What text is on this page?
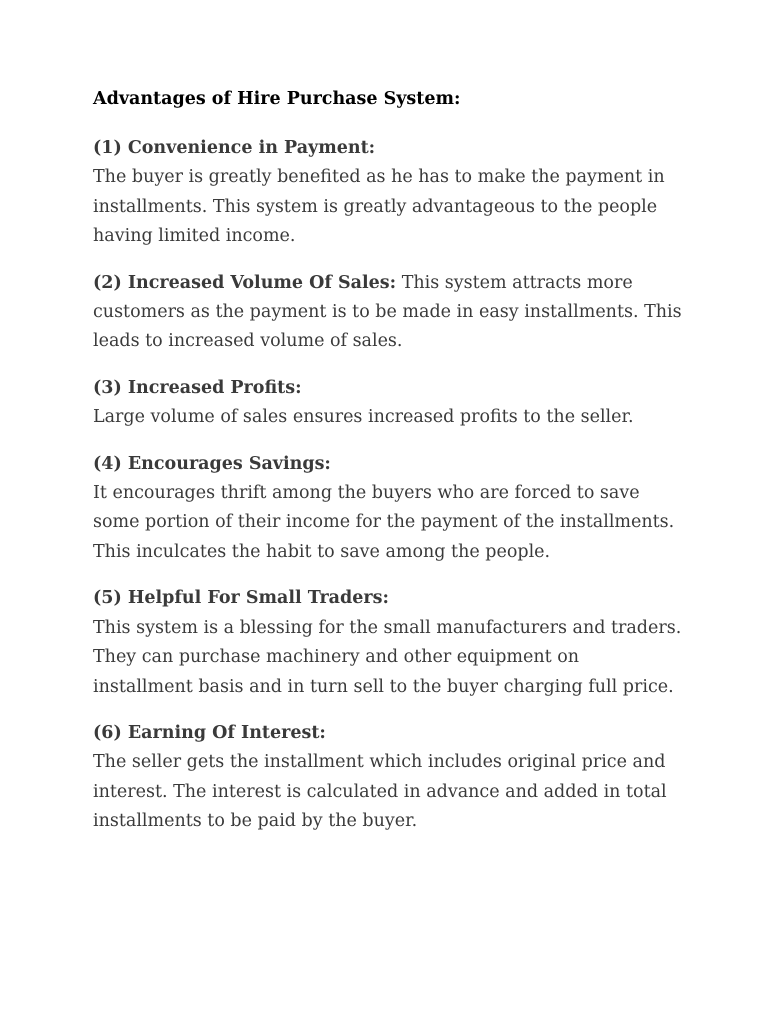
Advantages of Hire Purchase System:
(1) Convenience in Payment:

The buyer is greatly benefited as he has to make the payment in installments. This system is greatly advantageous to the people having limited income.

(2) Increased Volume Of Sales: This system attracts more customers as the payment is to be made in easy installments. This leads to increased volume of sales.

(3) Increased Profits:

Large volume of sales ensures increased profits to the seller.

(4) Encourages Savings:

It encourages thrift among the buyers who are forced to save some portion of their income for the payment of the installments. This inculcates the habit to save among the people.

(5) Helpful For Small Traders:

This system is a blessing for the small manufacturers and traders. They can purchase machinery and other equipment on installment basis and in turn sell to the buyer charging full price.

(6) Earning Of Interest:

The seller gets the installment which includes original price and interest. The interest is calculated in advance and added in total installments to be paid by the buyer.
